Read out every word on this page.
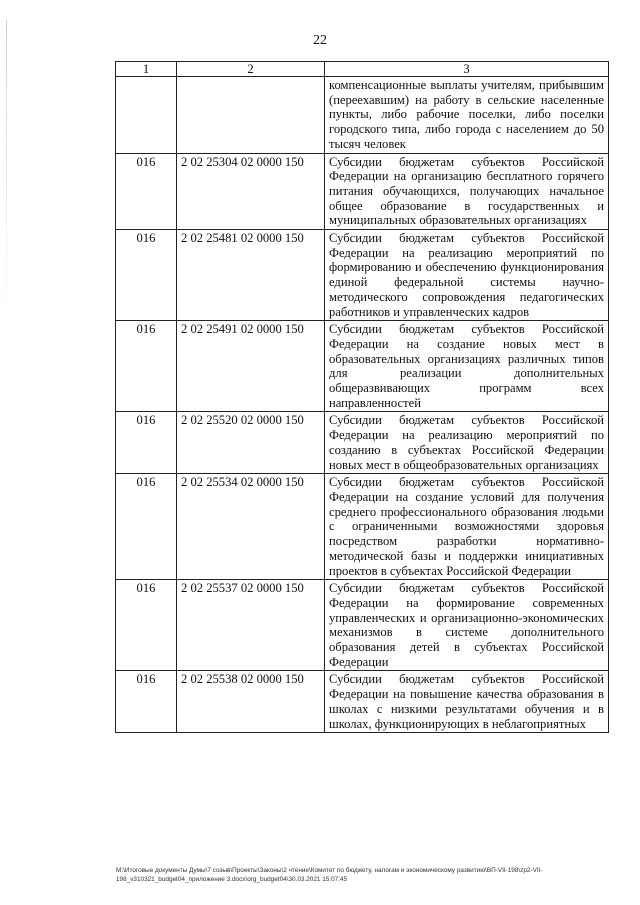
22
1	2	3
		компенсационные выплаты учителям, прибывшим (переехавшим) на работу в сельские населенные пункты, либо рабочие поселки, либо поселки городского типа, либо города с населением до 50 тысяч человек
016	2 02 25304 02 0000 150	Субсидии бюджетам субъектов Российской Федерации на организацию бесплатного горячего питания обучающихся, получающих начальное общее образование в государственных и муниципальных образовательных организациях
016	2 02 25481 02 0000 150	Субсидии бюджетам субъектов Российской Федерации на реализацию мероприятий по формированию и обеспечению функционирования единой федеральной системы научно-методического сопровождения педагогических работников и управленческих кадров
016	2 02 25491 02 0000 150	Субсидии бюджетам субъектов Российской Федерации на создание новых мест в образовательных организациях различных типов для реализации дополнительных общеразвивающих программ всех направленностей
016	2 02 25520 02 0000 150	Субсидии бюджетам субъектов Российской Федерации на реализацию мероприятий по созданию в субъектах Российской Федерации новых мест в общеобразовательных организациях
016	2 02 25534 02 0000 150	Субсидии бюджетам субъектов Российской Федерации на создание условий для получения среднего профессионального образования людьми с ограниченными возможностями здоровья посредством разработки нормативно-методической базы и поддержки инициативных проектов в субъектах Российской Федерации
016	2 02 25537 02 0000 150	Субсидии бюджетам субъектов Российской Федерации на формирование современных управленческих и организационно-экономических механизмов в системе дополнительного образования детей в субъектах Российской Федерации
016	2 02 25538 02 0000 150	Субсидии бюджетам субъектов Российской Федерации на повышение качества образования в школах с низкими результатами обучения и в школах, функционирующих в неблагоприятных
M:\Итоговые документы Думы\7 созыв\Проекты\Законы\2 чтение\Комитет по бюджету, налогам и экономическому развитию\ВП-VII-198\zp2-VII-
198_v310321_budget04_приложение 3.docx\org_budget04\30.03.2021 15:07:45
